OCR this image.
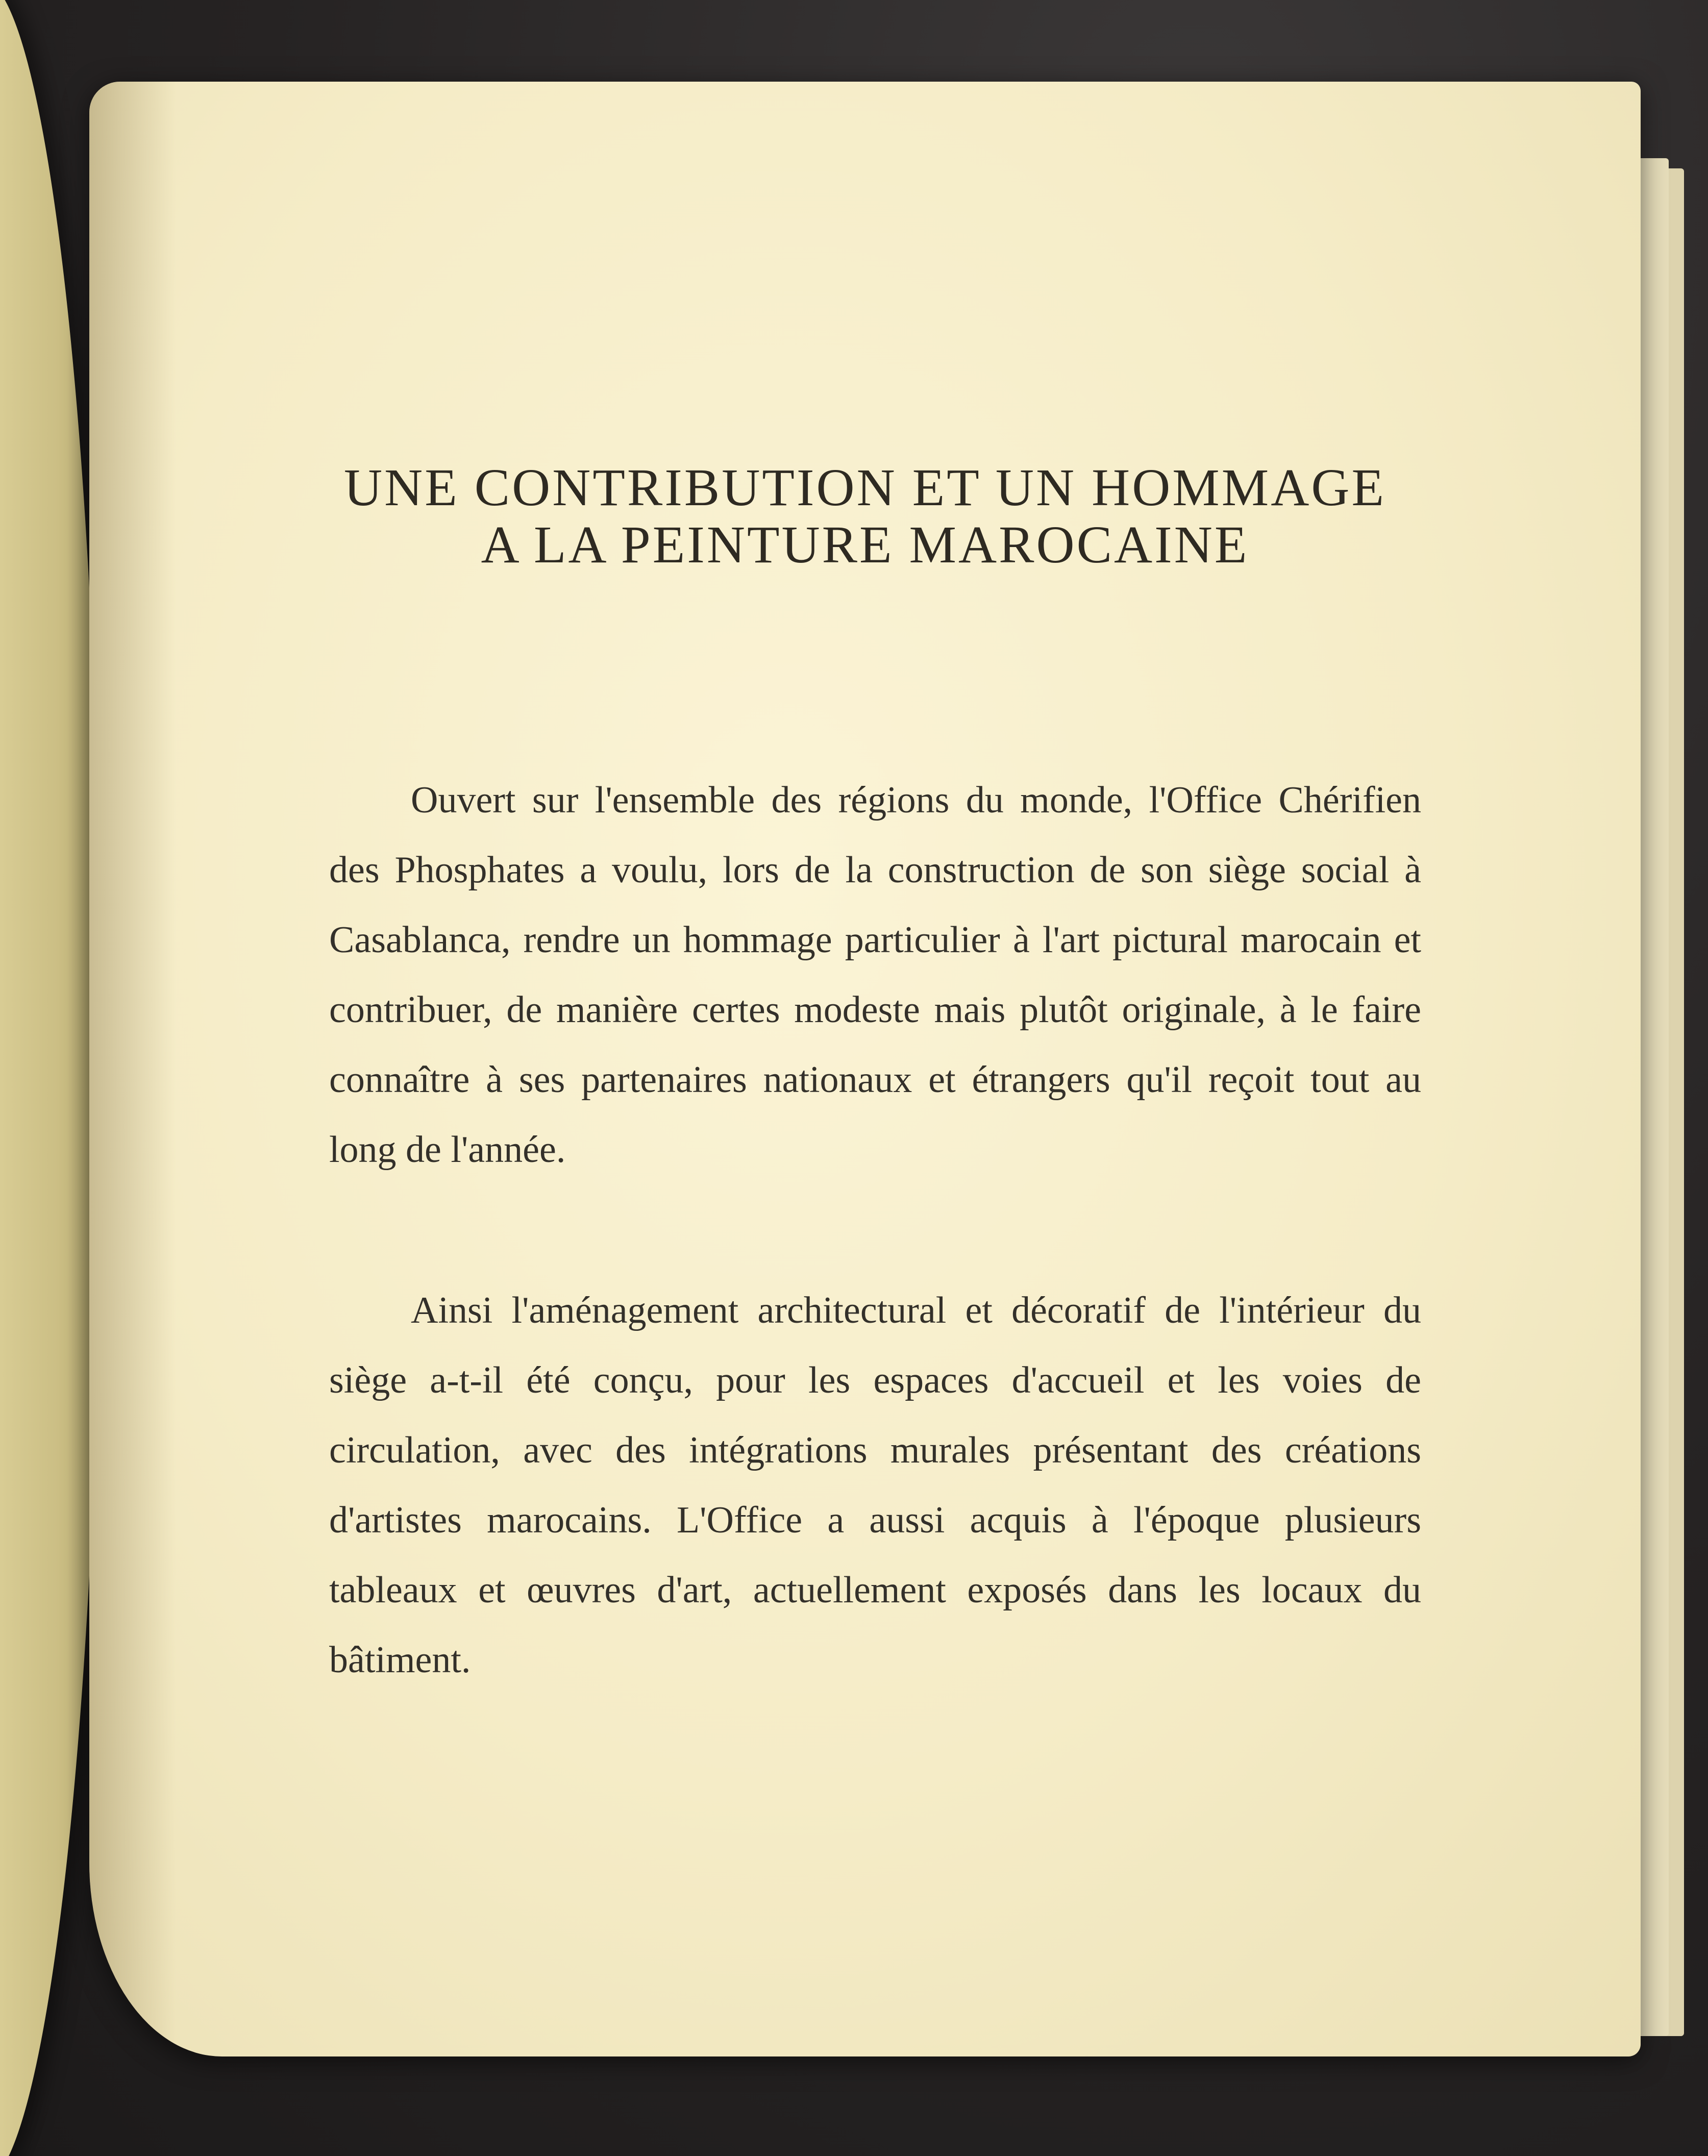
UNE CONTRIBUTION ET UN HOMMAGE
A LA PEINTURE MAROCAINE

Ouvert sur l'ensemble des régions du monde, l'Office Chérifien des Phosphates a voulu, lors de la construction de son siège social à Casablanca, rendre un hommage particulier à l'art pictural marocain et contribuer, de manière certes modeste mais plutôt originale, à le faire connaître à ses partenaires nationaux et étrangers qu'il reçoit tout au long de l'année.

Ainsi l'aménagement architectural et décoratif de l'intérieur du siège a-t-il été conçu, pour les espaces d'accueil et les voies de circulation, avec des intégrations murales présentant des créations d'artistes marocains. L'Office a aussi acquis à l'époque plusieurs tableaux et œuvres d'art, actuellement exposés dans les locaux du bâtiment.
